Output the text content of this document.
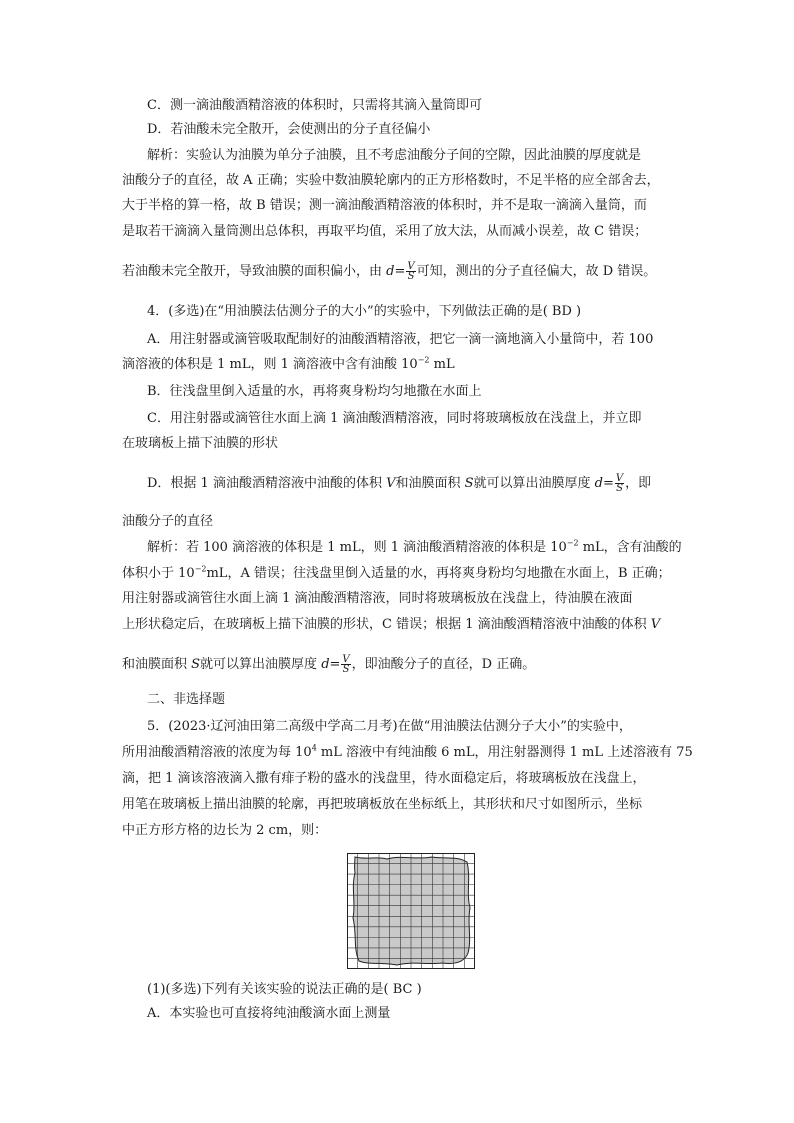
C．测一滴油酸酒精溶液的体积时，只需将其滴入量筒即可
D．若油酸未完全散开，会使测出的分子直径偏小
解析：实验认为油膜为单分子油膜，且不考虑油酸分子间的空隙，因此油膜的厚度就是
油酸分子的直径，故 A 正确；实验中数油膜轮廓内的正方形格数时，不足半格的应全部舍去，
大于半格的算一格，故 B 错误；测一滴油酸酒精溶液的体积时，并不是取一滴滴入量筒，而
是取若干滴滴入量筒测出总体积，再取平均值，采用了放大法，从而减小误差，故 C 错误；
若油酸未完全散开，导致油膜的面积偏小，由 $d= \frac{V}{S}$ 可知，测出的分子直径偏大，故 D 错误。
4．(多选)在“用油膜法估测分子的大小”的实验中，下列做法正确的是( BD )
A．用注射器或滴管吸取配制好的油酸酒精溶液，把它一滴一滴地滴入小量筒中，若 100
滴溶液的体积是 1 mL，则 1 滴溶液中含有油酸 $10^{-2}$ mL
B．往浅盘里倒入适量的水，再将爽身粉均匀地撒在水面上
C．用注射器或滴管往水面上滴 1 滴油酸酒精溶液，同时将玻璃板放在浅盘上，并立即
在玻璃板上描下油膜的形状
D．根据 1 滴油酸酒精溶液中油酸的体积 V和油膜面积 S就可以算出油膜厚度 $d= \frac{V}{S}$ ，即
油酸分子的直径
解析：若 100 滴溶液的体积是 1 mL，则 1 滴油酸酒精溶液的体积是 $10^{-2}$ mL，含有油酸的
体积小于 $10^{-2}mL$，A 错误；往浅盘里倒入适量的水，再将爽身粉均匀地撒在水面上，B 正确；
用注射器或滴管往水面上滴 1 滴油酸酒精溶液，同时将玻璃板放在浅盘上，待油膜在液面
上形状稳定后，在玻璃板上描下油膜的形状，C 错误；根据 1 滴油酸酒精溶液中油酸的体积 V
和油膜面积 S就可以算出油膜厚度 $d= \frac{V}{S}$ ，即油酸分子的直径，D 正确。
二、非选择题
5．(2023·辽河油田第二高级中学高二月考)在做“用油膜法估测分子大小”的实验中，
所用油酸酒精溶液的浓度为每 $10^4$ mL 溶液中有纯油酸 6 mL，用注射器测得 1 mL 上述溶液有 75
滴，把 1 滴该溶液滴入撒有痱子粉的盛水的浅盘里，待水面稳定后，将玻璃板放在浅盘上，
用笔在玻璃板上描出油膜的轮廓，再把玻璃板放在坐标纸上，其形状和尺寸如图所示，坐标
中正方形方格的边长为 2 cm，则：
(1)(多选)下列有关该实验的说法正确的是( BC )
A．本实验也可直接将纯油酸滴水面上测量
